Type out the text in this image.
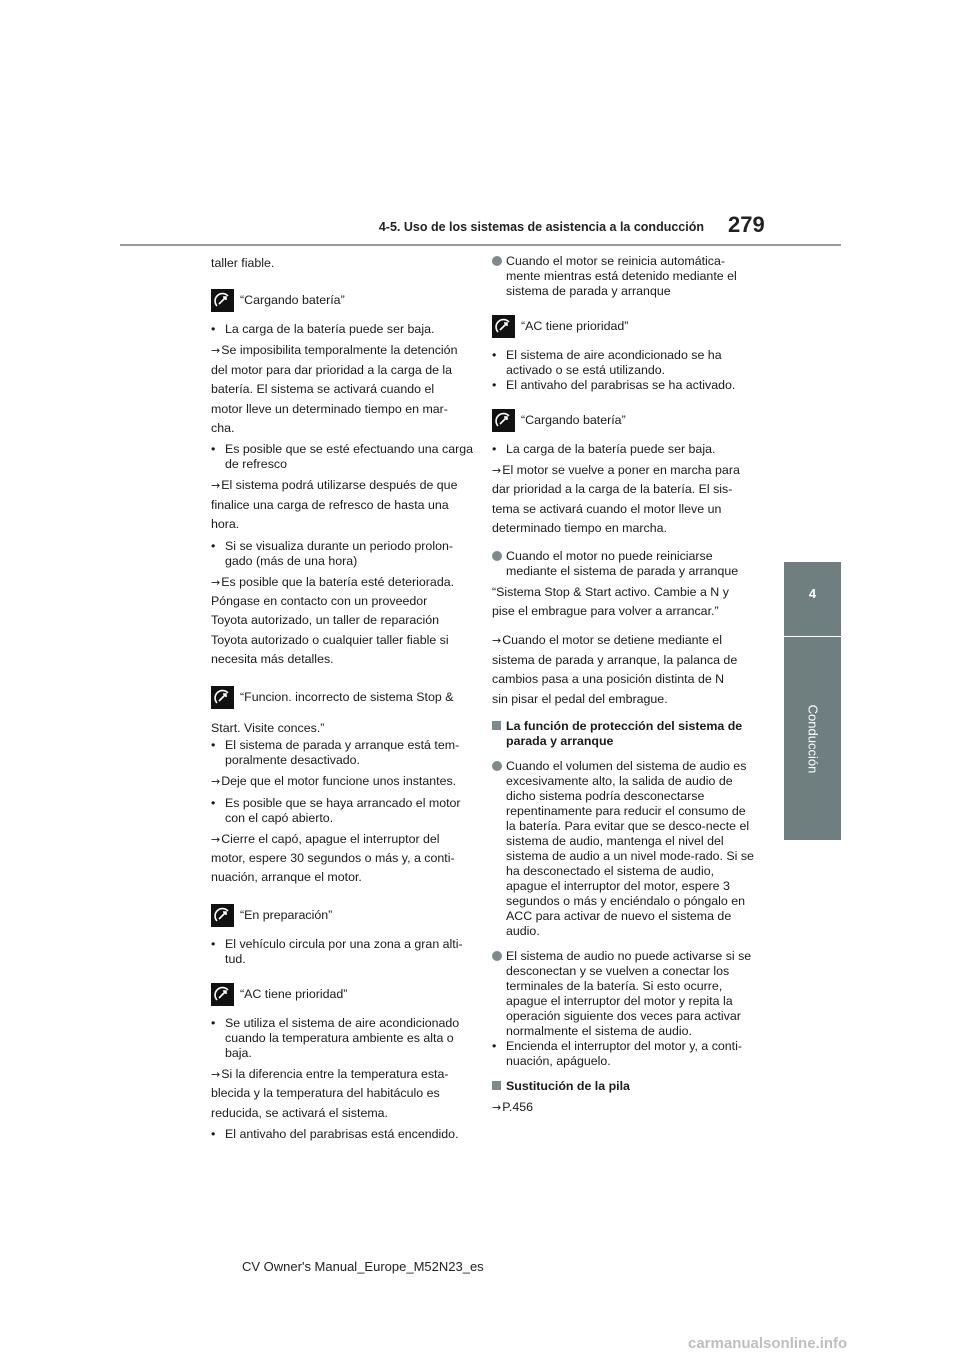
4-5. Uso de los sistemas de asistencia a la conducción 279
4
Conducción

taller fiable.

“Cargando batería”

• La carga de la batería puede ser baja.

→Se imposibilita temporalmente la detención

del motor para dar prioridad a la carga de la

batería. El sistema se activará cuando el

motor lleve un determinado tiempo en mar-

cha.

• Es posible que se esté efectuando una carga de refresco

→El sistema podrá utilizarse después de que

finalice una carga de refresco de hasta una

hora.

• Si se visualiza durante un periodo prolon-gado (más de una hora)

→Es posible que la batería esté deteriorada.

Póngase en contacto con un proveedor

Toyota autorizado, un taller de reparación

Toyota autorizado o cualquier taller fiable si

necesita más detalles.

“Funcion. incorrecto de sistema Stop &

Start. Visite conces.”

• El sistema de parada y arranque está tem-poralmente desactivado.

→Deje que el motor funcione unos instantes.

• Es posible que se haya arrancado el motor con el capó abierto.

→Cierre el capó, apague el interruptor del

motor, espere 30 segundos o más y, a conti-

nuación, arranque el motor.

“En preparación”

• El vehículo circula por una zona a gran alti-tud.

“AC tiene prioridad”

• Se utiliza el sistema de aire acondicionado cuando la temperatura ambiente es alta o baja.

→Si la diferencia entre la temperatura esta-

blecida y la temperatura del habitáculo es

reducida, se activará el sistema.

• El antivaho del parabrisas está encendido.

Cuando el motor se reinicia automática-mente mientras está detenido mediante el sistema de parada y arranque
“AC tiene prioridad”

• El sistema de aire acondicionado se ha activado o se está utilizando.

• El antivaho del parabrisas se ha activado.

“Cargando batería”

• La carga de la batería puede ser baja.

→El motor se vuelve a poner en marcha para

dar prioridad a la carga de la batería. El sis-

tema se activará cuando el motor lleve un

determinado tiempo en marcha.

Cuando el motor no puede reiniciarse mediante el sistema de parada y arranque

“Sistema Stop & Start activo. Cambie a N y

pise el embrague para volver a arrancar.”

→Cuando el motor se detiene mediante el

sistema de parada y arranque, la palanca de

cambios pasa a una posición distinta de N

sin pisar el pedal del embrague.

La función de protección del sistema de parada y arranque
Cuando el volumen del sistema de audio es excesivamente alto, la salida de audio de dicho sistema podría desconectarse repentinamente para reducir el consumo de la batería. Para evitar que se desco-necte el sistema de audio, mantenga el nivel del sistema de audio a un nivel mode-rado. Si se ha desconectado el sistema de audio, apague el interruptor del motor, espere 3 segundos o más y enciéndalo o póngalo en ACC para activar de nuevo el sistema de audio.
El sistema de audio no puede activarse si se desconectan y se vuelven a conectar los terminales de la batería. Si esto ocurre, apague el interruptor del motor y repita la operación siguiente dos veces para activar normalmente el sistema de audio.

• Encienda el interruptor del motor y, a conti-nuación, apáguelo.

Sustitución de la pila

→P.456

CV Owner's Manual_Europe_M52N23_es
carmanualsonline.info
